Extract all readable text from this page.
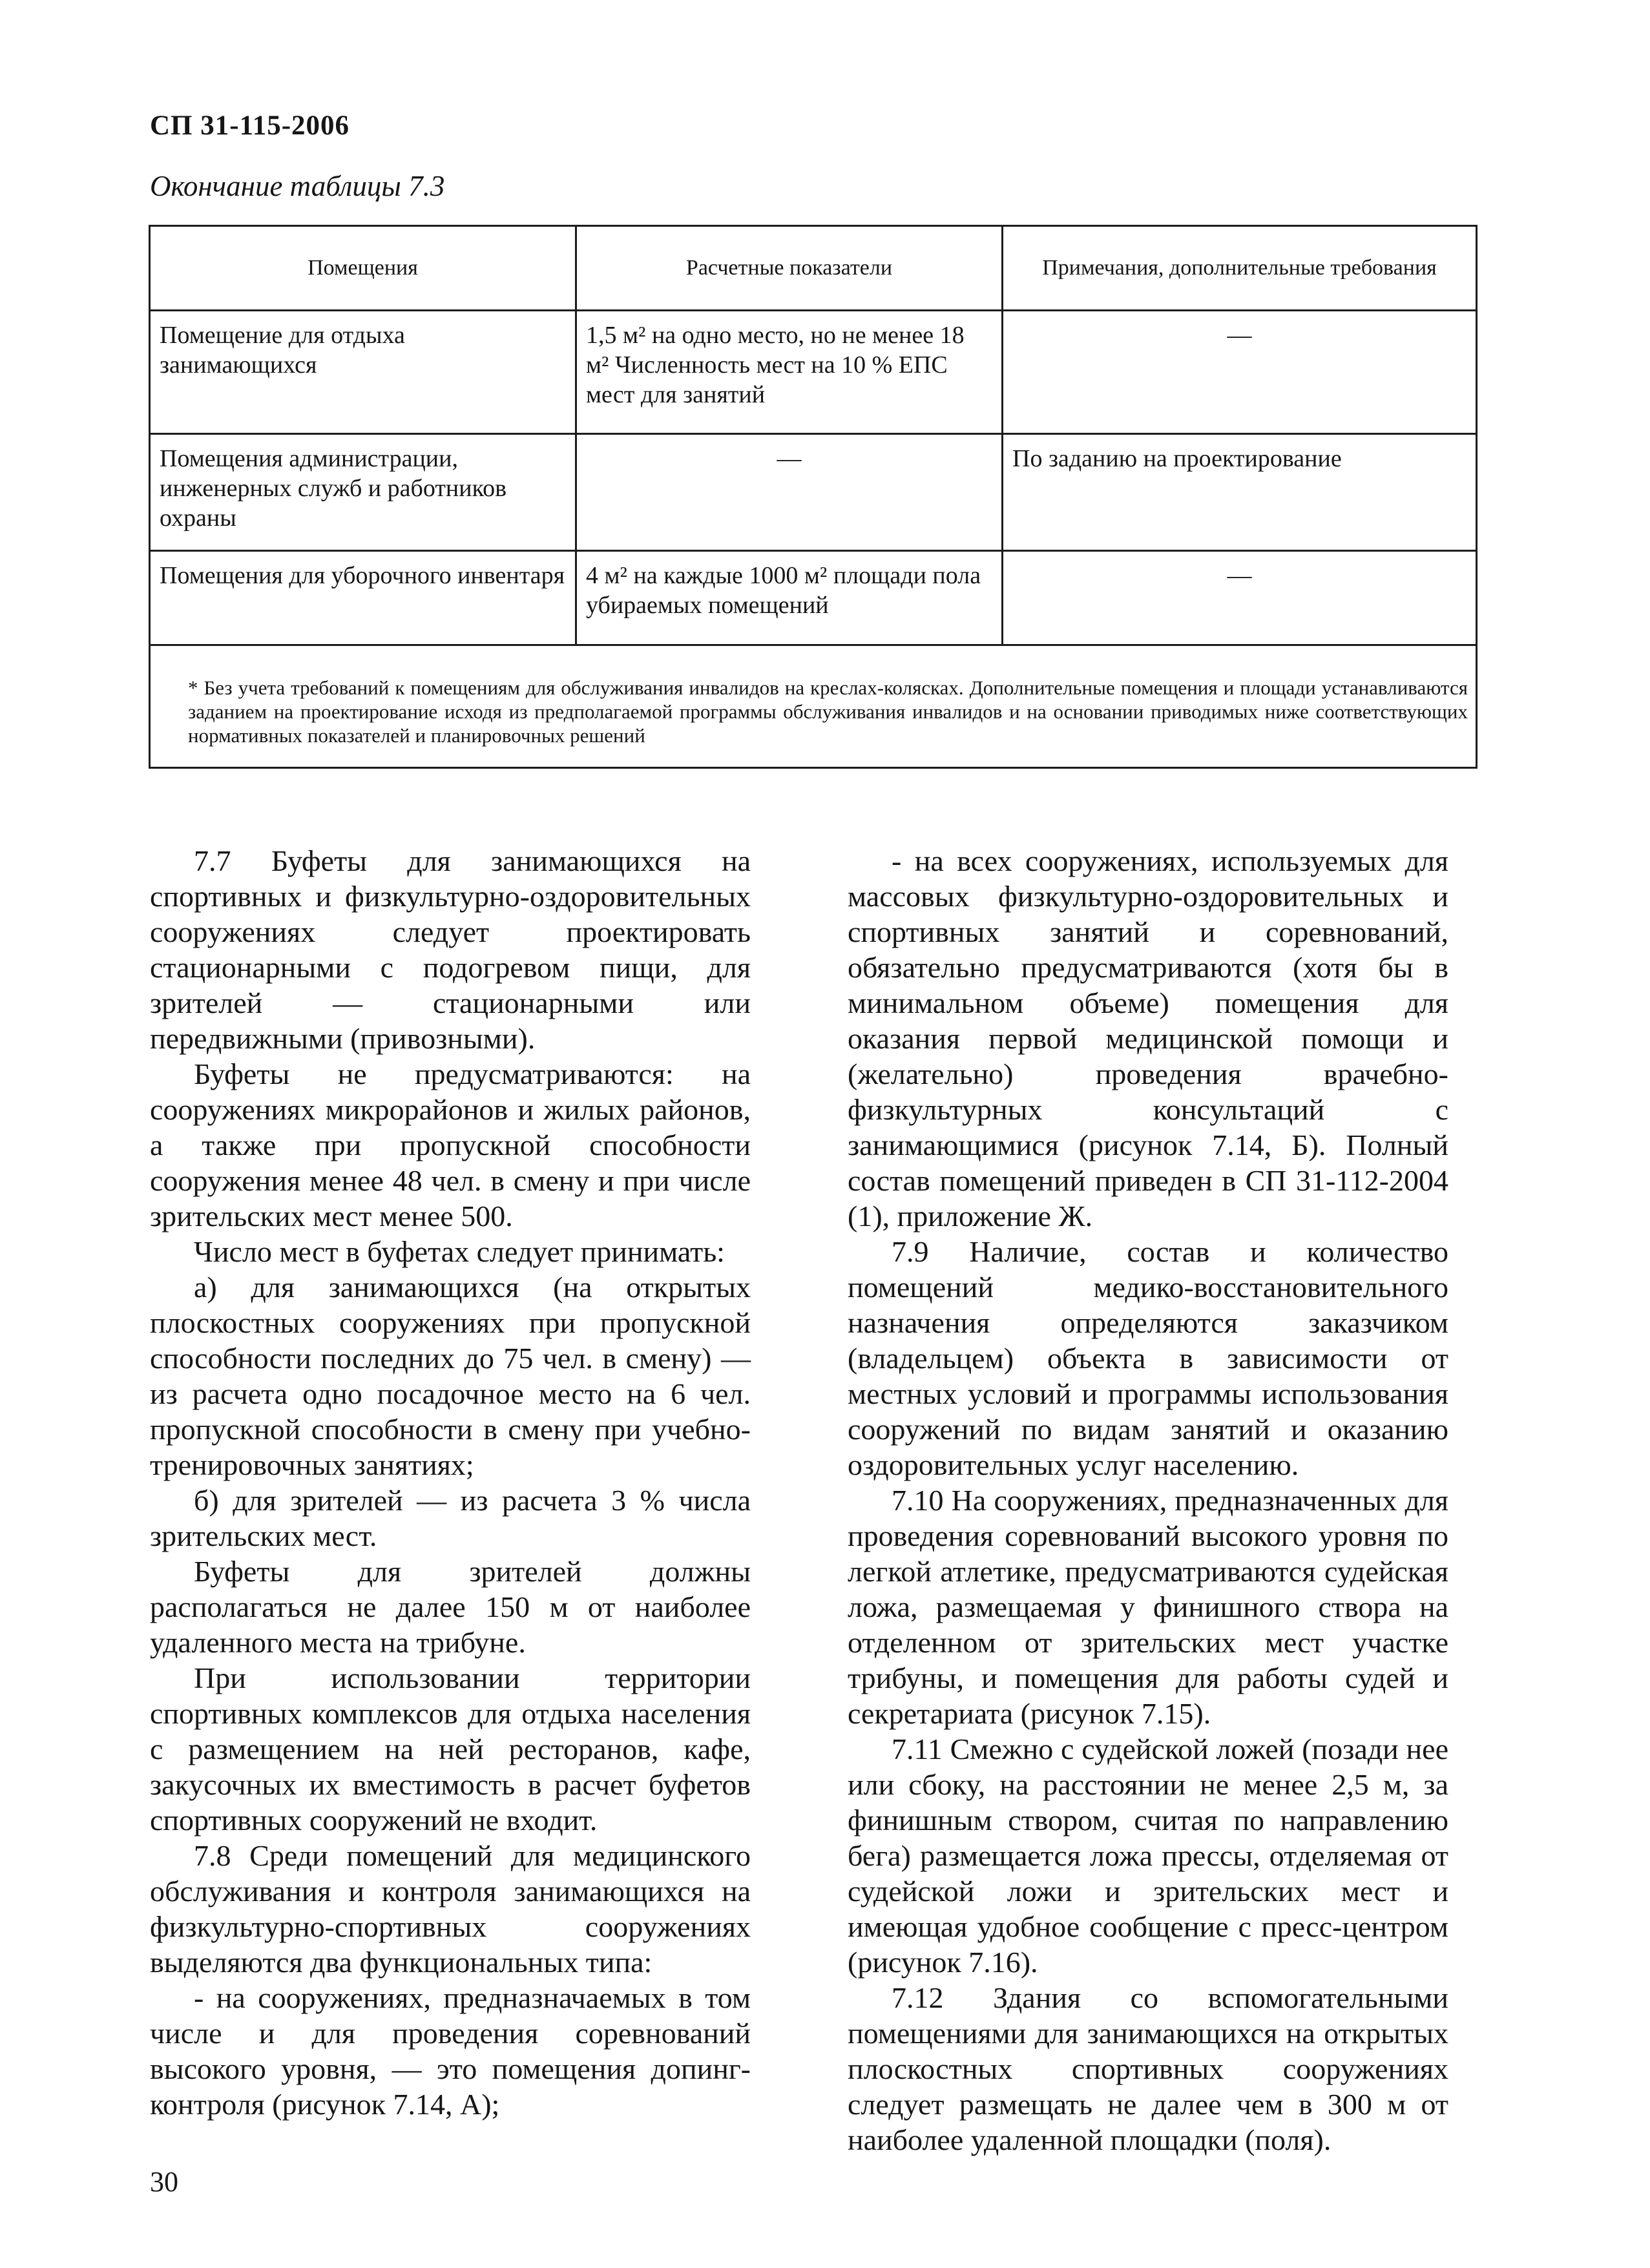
СП 31-115-2006
Окончание таблицы 7.3
Помещения	Расчетные показатели	Примечания, дополнительные требования
Помещение для отдыха занимающихся	1,5 м² на одно место, но не менее 18 м² Численность мест на 10 % ЕПС мест для занятий	—
Помещения администрации, инженерных служб и работников охраны	—	По заданию на проектирование
Помещения для уборочного инвентаря	4 м² на каждые 1000 м² площади пола убираемых помещений	—
* Без учета требований к помещениям для обслуживания инвалидов на креслах-колясках. Дополнительные помещения и площади устанавливаются заданием на проектирование исходя из предполагаемой программы обслуживания инвалидов и на основании приводимых ниже соответствующих нормативных показателей и планировочных решений		

7.7 Буфеты для занимающихся на спортивных и физкультурно-оздоровительных сооружениях следует проектировать стационарными с подогревом пищи, для зрителей — стационарными или передвижными (привозными).

Буфеты не предусматриваются: на сооружениях микрорайонов и жилых районов, а также при пропускной способности сооружения менее 48 чел. в смену и при числе зрительских мест менее 500.

Число мест в буфетах следует принимать:

а) для занимающихся (на открытых плоскостных сооружениях при пропускной способности последних до 75 чел. в смену) — из расчета одно посадочное место на 6 чел. пропускной способности в смену при учебно-тренировочных занятиях;

б) для зрителей — из расчета 3 % числа зрительских мест.

Буфеты для зрителей должны располагаться не далее 150 м от наиболее удаленного места на трибуне.

При использовании территории спортивных комплексов для отдыха населения с размещением на ней ресторанов, кафе, закусочных их вместимость в расчет буфетов спортивных сооружений не входит.

7.8 Среди помещений для медицинского обслуживания и контроля занимающихся на физкультурно-спортивных сооружениях выделяются два функциональных типа:

- на сооружениях, предназначаемых в том числе и для проведения соревнований высокого уровня, — это помещения допинг-контроля (рисунок 7.14, А);

- на всех сооружениях, используемых для массовых физкультурно-оздоровительных и спортивных занятий и соревнований, обязательно предусматриваются (хотя бы в минимальном объеме) помещения для оказания первой медицинской помощи и (желательно) проведения врачебно-физкультурных консультаций с занимающимися (рисунок 7.14, Б). Полный состав помещений приведен в СП 31-112-2004 (1), приложение Ж.

7.9 Наличие, состав и количество помещений медико-восстановительного назначения определяются заказчиком (владельцем) объекта в зависимости от местных условий и программы использования сооружений по видам занятий и оказанию оздоровительных услуг населению.

7.10 На сооружениях, предназначенных для проведения соревнований высокого уровня по легкой атлетике, предусматриваются судейская ложа, размещаемая у финишного створа на отделенном от зрительских мест участке трибуны, и помещения для работы судей и секретариата (рисунок 7.15).

7.11 Смежно с судейской ложей (позади нее или сбоку, на расстоянии не менее 2,5 м, за финишным створом, считая по направлению бега) размещается ложа прессы, отделяемая от судейской ложи и зрительских мест и имеющая удобное сообщение с пресс-центром (рисунок 7.16).

7.12 Здания со вспомогательными помещениями для занимающихся на открытых плоскостных спортивных сооружениях следует размещать не далее чем в 300 м от наиболее удаленной площадки (поля).

30
